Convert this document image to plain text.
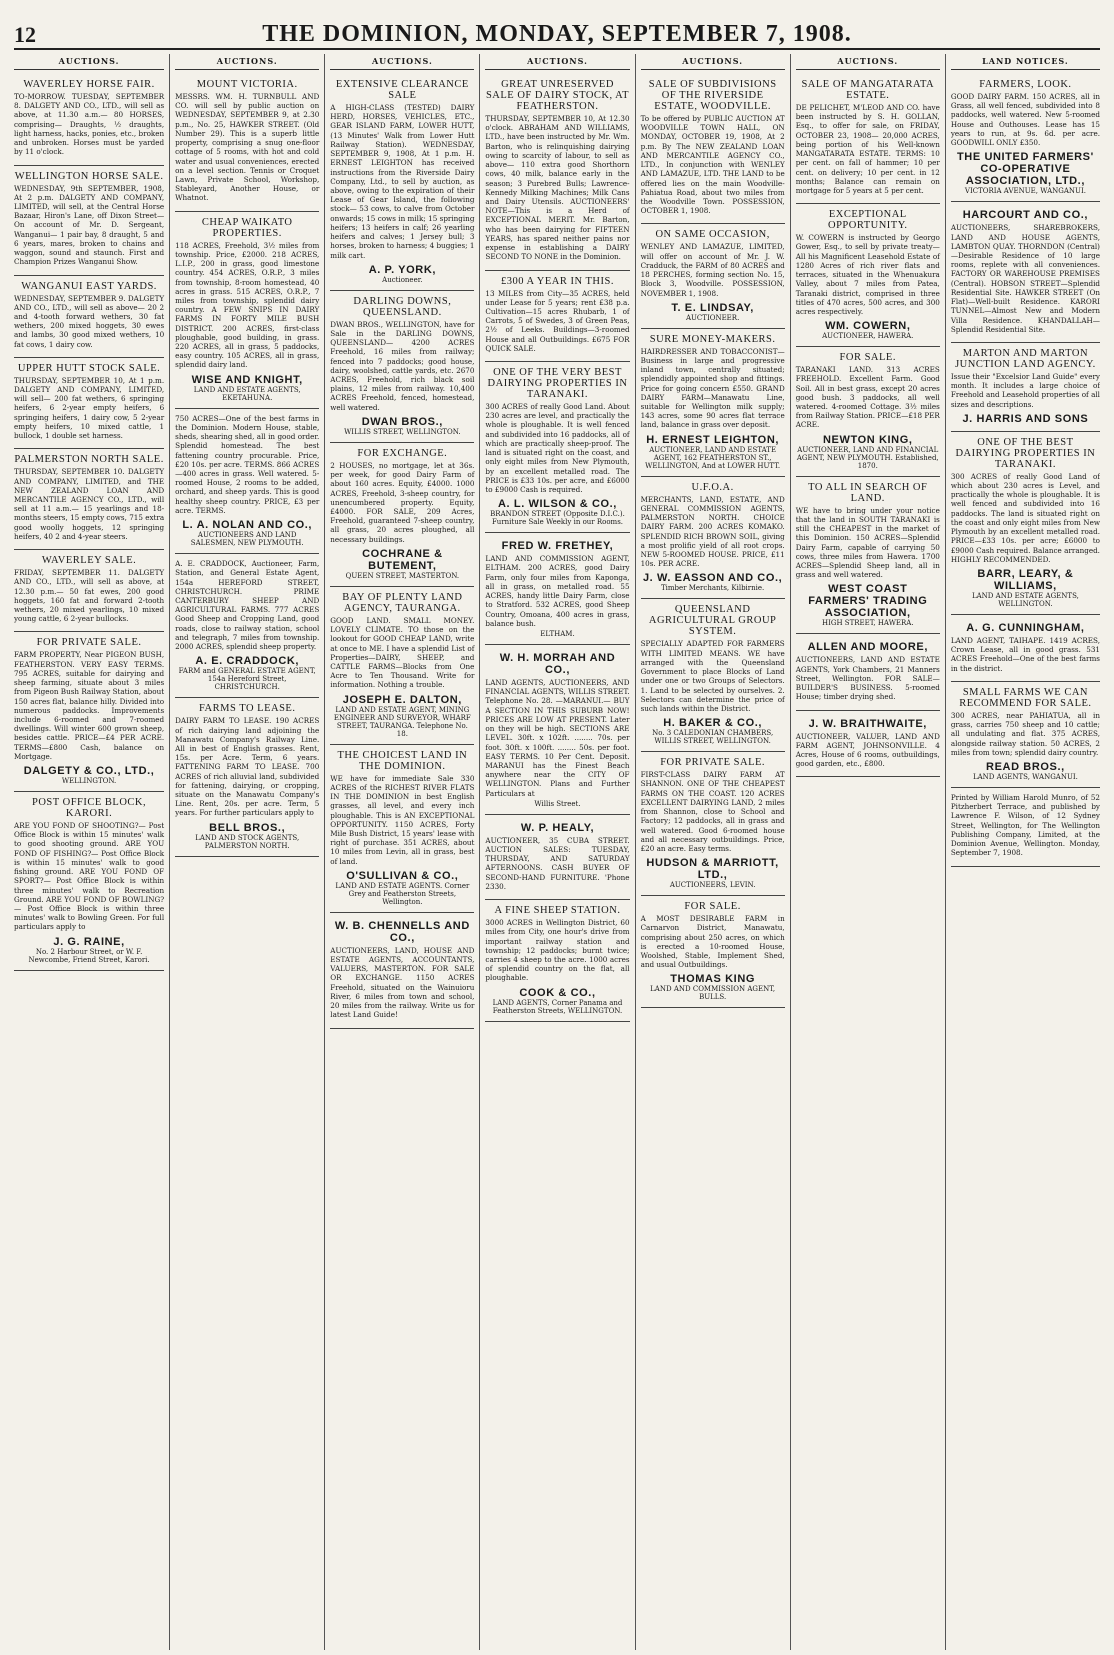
12	THE DOMINION, MONDAY, SEPTEMBER 7, 1908.
AUCTIONS.
WAVERLEY HORSE FAIR.

TO-MORROW. TUESDAY, SEPTEMBER 8. DALGETY AND CO., LTD., will sell as above, at 11.30 a.m.— 80 HORSES, comprising— Draughts, ½ draughts, light harness, hacks, ponies, etc., broken and unbroken. Horses must be yarded by 11 o'clock.

WELLINGTON HORSE SALE.

WEDNESDAY, 9th SEPTEMBER, 1908, At 2 p.m. DALGETY AND COMPANY, LIMITED, will sell, at the Central Horse Bazaar, Hiron's Lane, off Dixon Street— On account of Mr. D. Sergeant, Wanganui— 1 pair bay, 8 draught, 5 and 6 years, mares, broken to chains and waggon, sound and staunch. First and Champion Prizes Wanganui Show.

WANGANUI EAST YARDS.

WEDNESDAY, SEPTEMBER 9. DALGETY AND CO., LTD., will sell as above— 20 2 and 4-tooth forward wethers, 30 fat wethers, 200 mixed hoggets, 30 ewes and lambs, 30 good mixed wethers, 10 fat cows, 1 dairy cow.

UPPER HUTT STOCK SALE.

THURSDAY, SEPTEMBER 10, At 1 p.m. DALGETY AND COMPANY, LIMITED, will sell— 200 fat wethers, 6 springing heifers, 6 2-year empty heifers, 6 springing heifers, 1 dairy cow, 5 2-year empty heifers, 10 mixed cattle, 1 bullock, 1 double set harness.

PALMERSTON NORTH SALE.

THURSDAY, SEPTEMBER 10. DALGETY AND COMPANY, LIMITED, and THE NEW ZEALAND LOAN AND MERCANTILE AGENCY CO., LTD., will sell at 11 a.m.— 15 yearlings and 18-months steers, 15 empty cows, 715 extra good woolly hoggets, 12 springing heifers, 40 2 and 4-year steers.

WAVERLEY SALE.

FRIDAY, SEPTEMBER 11. DALGETY AND CO., LTD., will sell as above, at 12.30 p.m.— 50 fat ewes, 200 good hoggets, 160 fat and forward 2-tooth wethers, 20 mixed yearlings, 10 mixed young cattle, 6 2-year bullocks.

FOR PRIVATE SALE.

FARM PROPERTY, Near PIGEON BUSH, FEATHERSTON. VERY EASY TERMS. 795 ACRES, suitable for dairying and sheep farming, situate about 3 miles from Pigeon Bush Railway Station, about 150 acres flat, balance hilly. Divided into numerous paddocks. Improvements include 6-roomed and 7-roomed dwellings. Will winter 600 grown sheep, besides cattle. PRICE—£4 PER ACRE. TERMS—£800 Cash, balance on Mortgage.

DALGETY & CO., LTD.,
WELLINGTON.
POST OFFICE BLOCK, KARORI.

ARE YOU FOND OF SHOOTING?— Post Office Block is within 15 minutes' walk to good shooting ground. ARE YOU FOND OF FISHING?— Post Office Block is within 15 minutes' walk to good fishing ground. ARE YOU FOND OF SPORT?— Post Office Block is within three minutes' walk to Recreation Ground. ARE YOU FOND OF BOWLING?— Post Office Block is within three minutes' walk to Bowling Green. For full particulars apply to

J. G. RAINE,
No. 2 Harbour Street, or W. F. Newcombe, Friend Street, Karori.
AUCTIONS.
MOUNT VICTORIA.

MESSRS. WM. H. TURNBULL AND CO. will sell by public auction on WEDNESDAY, SEPTEMBER 9, at 2.30 p.m., No. 25, HAWKER STREET. (Old Number 29). This is a superb little property, comprising a snug one-floor cottage of 5 rooms, with hot and cold water and usual conveniences, erected on a level section. Tennis or Croquet Lawn, Private School, Workshop, Stableyard, Another House, or Whatnot.

CHEAP WAIKATO PROPERTIES.

118 ACRES, Freehold, 3½ miles from township. Price, £2000. 218 ACRES, L.I.P., 200 in grass, good limestone country. 454 ACRES, O.R.P., 3 miles from township, 8-room homestead, 40 acres in grass. 515 ACRES, O.R.P., 7 miles from township, splendid dairy country. A FEW SNIPS IN DAIRY FARMS IN FORTY MILE BUSH DISTRICT. 200 ACRES, first-class ploughable, good building, in grass. 220 ACRES, all in grass, 5 paddocks, easy country. 105 ACRES, all in grass, splendid dairy land.

WISE AND KNIGHT,
LAND AND ESTATE AGENTS, EKETAHUNA.

750 ACRES—One of the best farms in the Dominion. Modern House, stable, sheds, shearing shed, all in good order. Splendid homestead. The best fattening country procurable. Price, £20 10s. per acre. TERMS. 866 ACRES—400 acres in grass. Well watered. 5-roomed House, 2 rooms to be added, orchard, and sheep yards. This is good healthy sheep country. PRICE, £3 per acre. TERMS.

L. A. NOLAN AND CO.,
AUCTIONEERS AND LAND SALESMEN, NEW PLYMOUTH.

A. E. CRADDOCK, Auctioneer, Farm, Station, and General Estate Agent, 154a HEREFORD STREET, CHRISTCHURCH. PRIME CANTERBURY SHEEP AND AGRICULTURAL FARMS. 777 ACRES Good Sheep and Cropping Land, good roads, close to railway station, school and telegraph, 7 miles from township. 2000 ACRES, splendid sheep property.

A. E. CRADDOCK,
FARM and GENERAL ESTATE AGENT, 154a Hereford Street, CHRISTCHURCH.
FARMS TO LEASE.

DAIRY FARM TO LEASE. 190 ACRES of rich dairying land adjoining the Manawatu Company's Railway Line. All in best of English grasses. Rent, 15s. per Acre. Term, 6 years. FATTENING FARM TO LEASE. 700 ACRES of rich alluvial land, subdivided for fattening, dairying, or cropping, situate on the Manawatu Company's Line. Rent, 20s. per acre. Term, 5 years. For further particulars apply to

BELL BROS.,
LAND AND STOCK AGENTS, PALMERSTON NORTH.
AUCTIONS.
EXTENSIVE CLEARANCE SALE

A HIGH-CLASS (TESTED) DAIRY HERD, HORSES, VEHICLES, ETC., GEAR ISLAND FARM, LOWER HUTT, (13 Minutes' Walk from Lower Hutt Railway Station). WEDNESDAY, SEPTEMBER 9, 1908, At 1 p.m. H. ERNEST LEIGHTON has received instructions from the Riverside Dairy Company, Ltd., to sell by auction, as above, owing to the expiration of their Lease of Gear Island, the following stock— 53 cows, to calve from October onwards; 15 cows in milk; 15 springing heifers; 13 heifers in calf; 26 yearling heifers and calves; 1 Jersey bull; 3 horses, broken to harness; 4 buggies; 1 milk cart.

A. P. YORK,
Auctioneer.
DARLING DOWNS, QUEENSLAND.

DWAN BROS., WELLINGTON, have for Sale in the DARLING DOWNS, QUEENSLAND— 4200 ACRES Freehold, 16 miles from railway; fenced into 7 paddocks; good house, dairy, woolshed, cattle yards, etc. 2670 ACRES, Freehold, rich black soil plains, 12 miles from railway. 10,400 ACRES Freehold, fenced, homestead, well watered.

DWAN BROS.,
WILLIS STREET, WELLINGTON.
FOR EXCHANGE.

2 HOUSES, no mortgage, let at 36s. per week, for good Dairy Farm of about 160 acres. Equity, £4000. 1000 ACRES, Freehold, 3-sheep country, for unencumbered property. Equity, £4000. FOR SALE, 209 Acres, Freehold, guaranteed 7-sheep country, all grass, 20 acres ploughed, all necessary buildings.

COCHRANE & BUTEMENT,
QUEEN STREET, MASTERTON.
BAY OF PLENTY LAND AGENCY, TAURANGA.

GOOD LAND. SMALL MONEY. LOVELY CLIMATE. TO those on the lookout for GOOD CHEAP LAND, write at once to ME. I have a splendid List of Properties—DAIRY, SHEEP, and CATTLE FARMS—Blocks from One Acre to Ten Thousand. Write for information. Nothing a trouble.

JOSEPH E. DALTON,
LAND AND ESTATE AGENT, MINING ENGINEER AND SURVEYOR, WHARF STREET, TAURANGA. Telephone No. 18.
THE CHOICEST LAND IN THE DOMINION.

WE have for immediate Sale 330 ACRES of the RICHEST RIVER FLATS IN THE DOMINION in best English grasses, all level, and every inch ploughable. This is AN EXCEPTIONAL OPPORTUNITY. 1150 ACRES, Forty Mile Bush District, 15 years' lease with right of purchase. 351 ACRES, about 10 miles from Levin, all in grass, best of land.

O'SULLIVAN & CO.,
LAND AND ESTATE AGENTS. Corner Grey and Featherston Streets, Wellington.
W. B. CHENNELLS AND CO.,

AUCTIONEERS, LAND, HOUSE AND ESTATE AGENTS, ACCOUNTANTS, VALUERS, MASTERTON. FOR SALE OR EXCHANGE. 1150 ACRES Freehold, situated on the Wainuioru River, 6 miles from town and school, 20 miles from the railway. Write us for latest Land Guide!

AUCTIONS.
GREAT UNRESERVED SALE OF DAIRY STOCK, AT FEATHERSTON.

THURSDAY, SEPTEMBER 10, At 12.30 o'clock. ABRAHAM AND WILLIAMS, LTD., have been instructed by Mr. Wm. Barton, who is relinquishing dairying owing to scarcity of labour, to sell as above— 110 extra good Shorthorn cows, 40 milk, balance early in the season; 3 Purebred Bulls; Lawrence-Kennedy Milking Machines; Milk Cans and Dairy Utensils. AUCTIONEERS' NOTE—This is a Herd of EXCEPTIONAL MERIT. Mr. Barton, who has been dairying for FIFTEEN YEARS, has spared neither pains nor expense in establishing a DAIRY SECOND TO NONE in the Dominion.

£300 A YEAR IN THIS.

13 MILES from City—35 ACRES, held under Lease for 5 years; rent £38 p.a. Cultivation—15 acres Rhubarb, 1 of Carrots, 5 of Swedes, 3 of Green Peas, 2½ of Leeks. Buildings—3-roomed House and all Outbuildings. £675 FOR QUICK SALE.

ONE OF THE VERY BEST DAIRYING PROPERTIES IN TARANAKI.

300 ACRES of really Good Land. About 230 acres are level, and practically the whole is ploughable. It is well fenced and subdivided into 16 paddocks, all of which are practically sheep-proof. The land is situated right on the coast, and only eight miles from New Plymouth, by an excellent metalled road. The PRICE is £33 10s. per acre, and £6000 to £9000 Cash is required.

A. L. WILSON & CO.,
BRANDON STREET (Opposite D.I.C.). Furniture Sale Weekly in our Rooms.
FRED W. FRETHEY,

LAND AND COMMISSION AGENT, ELTHAM. 200 ACRES, good Dairy Farm, only four miles from Kaponga, all in grass, on metalled road. 55 ACRES, handy little Dairy Farm, close to Stratford. 532 ACRES, good Sheep Country, Omoana, 400 acres in grass, balance bush.

ELTHAM.
W. H. MORRAH AND CO.,

LAND AGENTS, AUCTIONEERS, AND FINANCIAL AGENTS, WILLIS STREET. Telephone No. 28. —MARANUI.— BUY A SECTION IN THIS SUBURB NOW! PRICES ARE LOW AT PRESENT. Later on they will be high. SECTIONS ARE LEVEL. 30ft. x 102ft. ........ 70s. per foot. 30ft. x 100ft. ........ 50s. per foot. EASY TERMS. 10 Per Cent. Deposit. MARANUI has the Finest Beach anywhere near the CITY OF WELLINGTON. Plans and Further Particulars at

Willis Street.
W. P. HEALY,

AUCTIONEER, 35 CUBA STREET. AUCTION SALES: TUESDAY, THURSDAY, AND SATURDAY AFTERNOONS. CASH BUYER OF SECOND-HAND FURNITURE. 'Phone 2330.

A FINE SHEEP STATION.

3000 ACRES in Wellington District, 60 miles from City, one hour's drive from important railway station and township; 12 paddocks; burnt twice; carries 4 sheep to the acre. 1000 acres of splendid country on the flat, all ploughable.

COOK & CO.,
LAND AGENTS, Corner Panama and Featherston Streets, WELLINGTON.
AUCTIONS.
SALE OF SUBDIVISIONS OF THE RIVERSIDE ESTATE, WOODVILLE.

To be offered by PUBLIC AUCTION AT WOODVILLE TOWN HALL, ON MONDAY, OCTOBER 19, 1908, At 2 p.m. By The NEW ZEALAND LOAN AND MERCANTILE AGENCY CO., LTD., In conjunction with WENLEY AND LAMAZUE, LTD. THE LAND to be offered lies on the main Woodville-Pahiatua Road, about two miles from the Woodville Town. POSSESSION, OCTOBER 1, 1908.

ON SAME OCCASION,

WENLEY AND LAMAZUE, LIMITED, will offer on account of Mr. J. W. Cradduck, the FARM of 80 ACRES and 18 PERCHES, forming section No. 15, Block 3, Woodville. POSSESSION, NOVEMBER 1, 1908.

T. E. LINDSAY,
AUCTIONEER.
SURE MONEY-MAKERS.

HAIRDRESSER AND TOBACCONIST—Business in large and progressive inland town, centrally situated; splendidly appointed shop and fittings. Price for going concern £550. GRAND DAIRY FARM—Manawatu Line, suitable for Wellington milk supply; 143 acres, some 90 acres flat terrace land, balance in grass over deposit.

H. ERNEST LEIGHTON,
AUCTIONEER, LAND AND ESTATE AGENT, 162 FEATHERSTON ST., WELLINGTON, And at LOWER HUTT.
U.F.O.A.

MERCHANTS, LAND, ESTATE, AND GENERAL COMMISSION AGENTS, PALMERSTON NORTH. CHOICE DAIRY FARM. 200 ACRES KOMAKO. SPLENDID RICH BROWN SOIL, giving a most prolific yield of all root crops. NEW 5-ROOMED HOUSE. PRICE, £11 10s. PER ACRE.

J. W. EASSON AND CO.,
Timber Merchants, Kilbirnie.
QUEENSLAND AGRICULTURAL GROUP SYSTEM.

SPECIALLY ADAPTED FOR FARMERS WITH LIMITED MEANS. WE have arranged with the Queensland Government to place Blocks of Land under one or two Groups of Selectors. 1. Land to be selected by ourselves. 2. Selectors can determine the price of such lands within the District.

H. BAKER & CO.,
No. 3 CALEDONIAN CHAMBERS, WILLIS STREET, WELLINGTON.
FOR PRIVATE SALE.

FIRST-CLASS DAIRY FARM AT SHANNON. ONE OF THE CHEAPEST FARMS ON THE COAST. 120 ACRES EXCELLENT DAIRYING LAND, 2 miles from Shannon, close to School and Factory; 12 paddocks, all in grass and well watered. Good 6-roomed house and all necessary outbuildings. Price, £20 an acre. Easy terms.

HUDSON & MARRIOTT, LTD.,
AUCTIONEERS, LEVIN.
FOR SALE.

A MOST DESIRABLE FARM in Carnarvon District, Manawatu, comprising about 250 acres, on which is erected a 10-roomed House, Woolshed, Stable, Implement Shed, and usual Outbuildings.

THOMAS KING
LAND AND COMMISSION AGENT, BULLS.
AUCTIONS.
SALE OF MANGATARATA ESTATE.

DE PELICHET, M'LEOD AND CO. have been instructed by S. H. GOLLAN, Esq., to offer for sale, on FRIDAY, OCTOBER 23, 1908— 20,000 ACRES, being portion of his Well-known MANGATARATA ESTATE. TERMS: 10 per cent. on fall of hammer; 10 per cent. on delivery; 10 per cent. in 12 months; Balance can remain on mortgage for 5 years at 5 per cent.

EXCEPTIONAL OPPORTUNITY.

W. COWERN is instructed by Georgo Gower, Esq., to sell by private treaty— All his Magnificent Leasehold Estate of 1280 Acres of rich river flats and terraces, situated in the Whenuakura Valley, about 7 miles from Patea, Taranaki district, comprised in three titles of 470 acres, 500 acres, and 300 acres respectively.

WM. COWERN,
AUCTIONEER, HAWERA.
FOR SALE.

TARANAKI LAND. 313 ACRES FREEHOLD. Excellent Farm. Good Soil. All in best grass, except 20 acres good bush. 3 paddocks, all well watered. 4-roomed Cottage. 3½ miles from Railway Station. PRICE—£18 PER ACRE.

NEWTON KING,
AUCTIONEER, LAND AND FINANCIAL AGENT, NEW PLYMOUTH. Established, 1870.
TO ALL IN SEARCH OF LAND.

WE have to bring under your notice that the land in SOUTH TARANAKI is still the CHEAPEST in the market of this Dominion. 150 ACRES—Splendid Dairy Farm, capable of carrying 50 cows, three miles from Hawera. 1700 ACRES—Splendid Sheep land, all in grass and well watered.

WEST COAST FARMERS' TRADING ASSOCIATION,
HIGH STREET, HAWERA.
ALLEN AND MOORE,

AUCTIONEERS, LAND AND ESTATE AGENTS, York Chambers, 21 Manners Street, Wellington. FOR SALE— BUILDER'S BUSINESS. 5-roomed House; timber drying shed.

J. W. BRAITHWAITE,

AUCTIONEER, VALUER, LAND AND FARM AGENT, JOHNSONVILLE. 4 Acres, House of 6 rooms, outbuildings, good garden, etc., £800.

LAND NOTICES.
FARMERS, LOOK.

GOOD DAIRY FARM. 150 ACRES, all in Grass, all well fenced, subdivided into 8 paddocks, well watered. New 5-roomed House and Outhouses. Lease has 15 years to run, at 9s. 6d. per acre. GOODWILL ONLY £350.

THE UNITED FARMERS' CO-OPERATIVE ASSOCIATION, LTD.,
VICTORIA AVENUE, WANGANUI.
HARCOURT AND CO.,

AUCTIONEERS, SHAREBROKERS, LAND AND HOUSE AGENTS, LAMBTON QUAY. THORNDON (Central)—Desirable Residence of 10 large rooms, replete with all conveniences. FACTORY OR WAREHOUSE PREMISES (Central). HOBSON STREET—Splendid Residential Site. HAWKER STREET (On Flat)—Well-built Residence. KARORI TUNNEL—Almost New and Modern Villa Residence. KHANDALLAH—Splendid Residential Site.

MARTON AND MARTON JUNCTION LAND AGENCY.

Issue their "Excelsior Land Guide" every month. It includes a large choice of Freehold and Leasehold properties of all sizes and descriptions.

J. HARRIS AND SONS
ONE OF THE BEST DAIRYING PROPERTIES IN TARANAKI.

300 ACRES of really Good Land of which about 230 acres is Level, and practically the whole is ploughable. It is well fenced and subdivided into 16 paddocks. The land is situated right on the coast and only eight miles from New Plymouth by an excellent metalled road. PRICE—£33 10s. per acre; £6000 to £9000 Cash required. Balance arranged. HIGHLY RECOMMENDED.

BARR, LEARY, & WILLIAMS,
LAND AND ESTATE AGENTS, WELLINGTON.
A. G. CUNNINGHAM,

LAND AGENT, TAIHAPE. 1419 ACRES, Crown Lease, all in good grass. 531 ACRES Freehold—One of the best farms in the district.

SMALL FARMS WE CAN RECOMMEND FOR SALE.

300 ACRES, near PAHIATUA, all in grass, carries 750 sheep and 10 cattle; all undulating and flat. 375 ACRES, alongside railway station. 50 ACRES, 2 miles from town; splendid dairy country.

READ BROS.,
LAND AGENTS, WANGANUI.

Printed by William Harold Munro, of 52 Pitzherbert Terrace, and published by Lawrence F. Wilson, of 12 Sydney Street, Wellington, for The Wellington Publishing Company, Limited, at the Dominion Avenue, Wellington. Monday, September 7, 1908.
